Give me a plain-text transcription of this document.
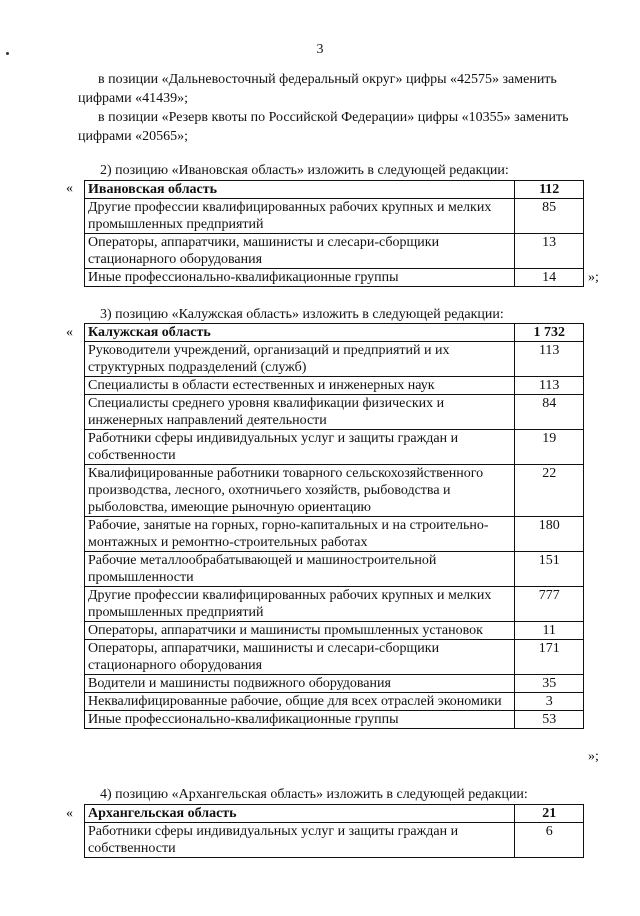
3
в позиции «Дальневосточный федеральный округ» цифры «42575» заменить цифрами «41439»;
в позиции «Резерв квоты по Российской Федерации» цифры «10355» заменить цифрами «20565»;
2) позицию «Ивановская область» изложить в следующей редакции:
« Ивановская область	112
Другие профессии квалифицированных рабочих крупных и мелких промышленных предприятий	85
Операторы, аппаратчики, машинисты и слесари-сборщики стационарного оборудования	13
Иные профессионально-квалификационные группы	14 »;
3) позицию «Калужская область» изложить в следующей редакции:
« Калужская область	1 732
Руководители учреждений, организаций и предприятий и их структурных подразделений (служб)	113
Специалисты в области естественных и инженерных наук	113
Специалисты среднего уровня квалификации физических и инженерных направлений деятельности	84
Работники сферы индивидуальных услуг и защиты граждан и собственности	19
Квалифицированные работники товарного сельскохозяйственного производства, лесного, охотничьего хозяйств, рыбоводства и рыболовства, имеющие рыночную ориентацию	22
Рабочие, занятые на горных, горно-капитальных и на строительно-монтажных и ремонтно-строительных работах	180
Рабочие металлообрабатывающей и машиностроительной промышленности	151
Другие профессии квалифицированных рабочих крупных и мелких промышленных предприятий	777
Операторы, аппаратчики и машинисты промышленных установок	11
Операторы, аппаратчики, машинисты и слесари-сборщики стационарного оборудования	171
Водители и машинисты подвижного оборудования	35
Неквалифицированные рабочие, общие для всех отраслей экономики	3
Иные профессионально-квалификационные группы	53
»;
4) позицию «Архангельская область» изложить в следующей редакции:
« Архангельская область	21
Работники сферы индивидуальных услуг и защиты граждан и собственности	6
